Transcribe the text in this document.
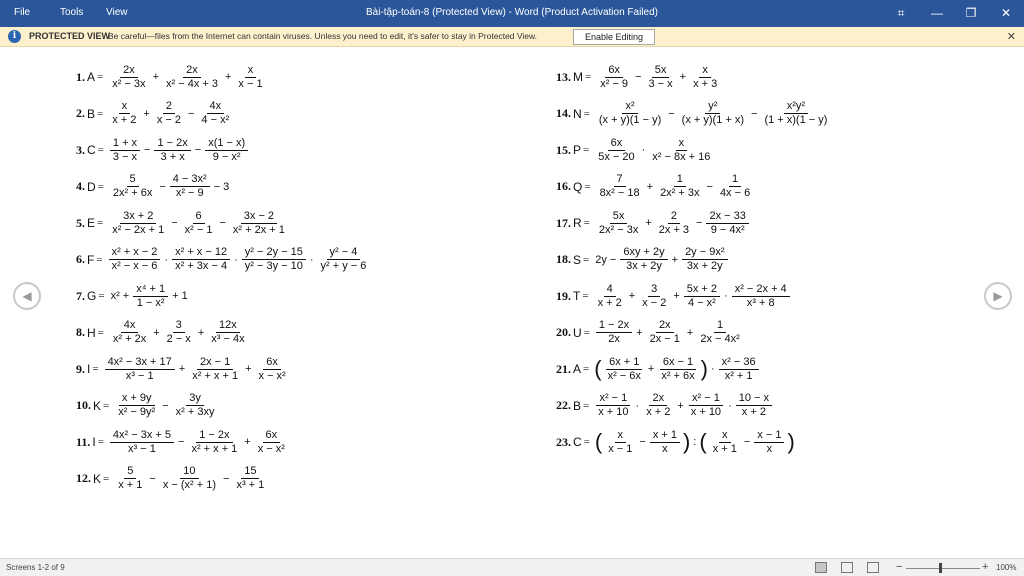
File	Tools View	Bài-tập-toán-8 (Protected View) - Word (Product Activation Failed)	⌗	—	❐	✕
i	PROTECTED VIEW
Be careful—files from the Internet can contain viruses. Unless you need to edit, it's safer to stay in Protected View.	Enable Editing	✕
◀	▶
1. $A = \frac{2x}{\text{x² − 3x}} + \frac{2x}{\text{x² − 4x + 3}} + \frac{x}{x - 1}$
2. $B = \frac{x}{x + 2} + \frac{2}{x - 2} - \frac{4x}{\text{4 − x²}}$
3. $C = \frac{1 + x}{3 - x} - \frac{1 - 2x}{3 + x} - \frac{x(1 - x)}{\text{9 − x²}}$
4. $D = \frac{5}{\text{2x² + 6x}} - \frac{\text{4 − 3x²}}{\text{x² − 9}} - 3$
5. $E = \frac{3x + 2}{\text{x² − 2x + 1}} - \frac{6}{\text{x² − 1}} - \frac{3x - 2}{\text{x² + 2x + 1}}$
6. $F = \frac{\text{x² + x − 2}}{\text{x² − x − 6}} \cdot \frac{\text{x² + x − 12}}{\text{x² + 3x − 4}} \cdot \frac{\text{y² − 2y − 15}}{\text{y² − 3y − 10}} \cdot \frac{\text{y² − 4}}{\text{y² + y − 6}}$
7. $G = x^2 + \frac{\text{x⁴ + 1}}{\text{1 − x²}} + 1$
8. $H = \frac{4x}{\text{x² + 2x}} + \frac{3}{2 - x} + \frac{12x}{\text{x³ − 4x}}$
9. $I = \frac{\text{4x² − 3x + 17}}{\text{x³ − 1}} + \frac{2x - 1}{\text{x² + x + 1}} + \frac{6x}{\text{x − x²}}$
10. $K = \frac{x + 9y}{\text{x² − 9y²}} - \frac{3y}{\text{x² + 3xy}}$
11. $I = \frac{\text{4x² − 3x + 5}}{\text{x³ − 1}} - \frac{1 - 2x}{\text{x² + x + 1}} + \frac{6x}{\text{x − x²}}$
12. $K = \frac{5}{x + 1} - \frac{10}{\text{x − (x² + 1)}} - \frac{15}{\text{x³ + 1}}$
13. $M = \frac{6x}{\text{x² − 9}} - \frac{5x}{3 - x} + \frac{x}{x + 3}$
14. $N = \frac{\text{x²}}{(x + y)(1 - y)} - \frac{\text{y²}}{(x + y)(1 + x)} - \frac{\text{x²y²}}{(1 + x)(1 - y)}$
15. $P = \frac{6x}{5x - 20} \cdot \frac{x}{\text{x² − 8x + 16}}$
16. $Q = \frac{7}{\text{8x² − 18}} + \frac{1}{\text{2x² + 3x}} - \frac{1}{4x - 6}$
17. $R = \frac{5x}{\text{2x² − 3x}} + \frac{2}{2x + 3} - \frac{2x - 33}{\text{9 − 4x²}}$
18. $S = 2y - \frac{6xy + 2y}{3x + 2y} + \frac{\text{2y − 9x²}}{3x + 2y}$
19. $T = \frac{4}{x + 2} + \frac{3}{x - 2} + \frac{5x + 2}{\text{4 − x²}} \cdot \frac{\text{x² − 2x + 4}}{\text{x³ + 8}}$
20. $U = \frac{1 - 2x}{2x} + \frac{2x}{2x - 1} + \frac{1}{\text{2x − 4x²}}$
21. A = ( $\frac{6x + 1}{\text{x² − 6x}} + \frac{6x - 1}{\text{x² + 6x}}$ ) · $\frac{\text{x² − 36}}{\text{x² + 1}}$
22. $B = \frac{\text{x² − 1}}{x + 10} \cdot \frac{2x}{x + 2} + \frac{\text{x² − 1}}{x + 10} \cdot \frac{10 - x}{x + 2}$
23. C = ( $\frac{x}{x - 1} - \frac{x + 1}{x}$ ) : ( $\frac{x}{x + 1} - \frac{x - 1}{x}$ )
Screens 1-2 of 9	−	+ 100%
